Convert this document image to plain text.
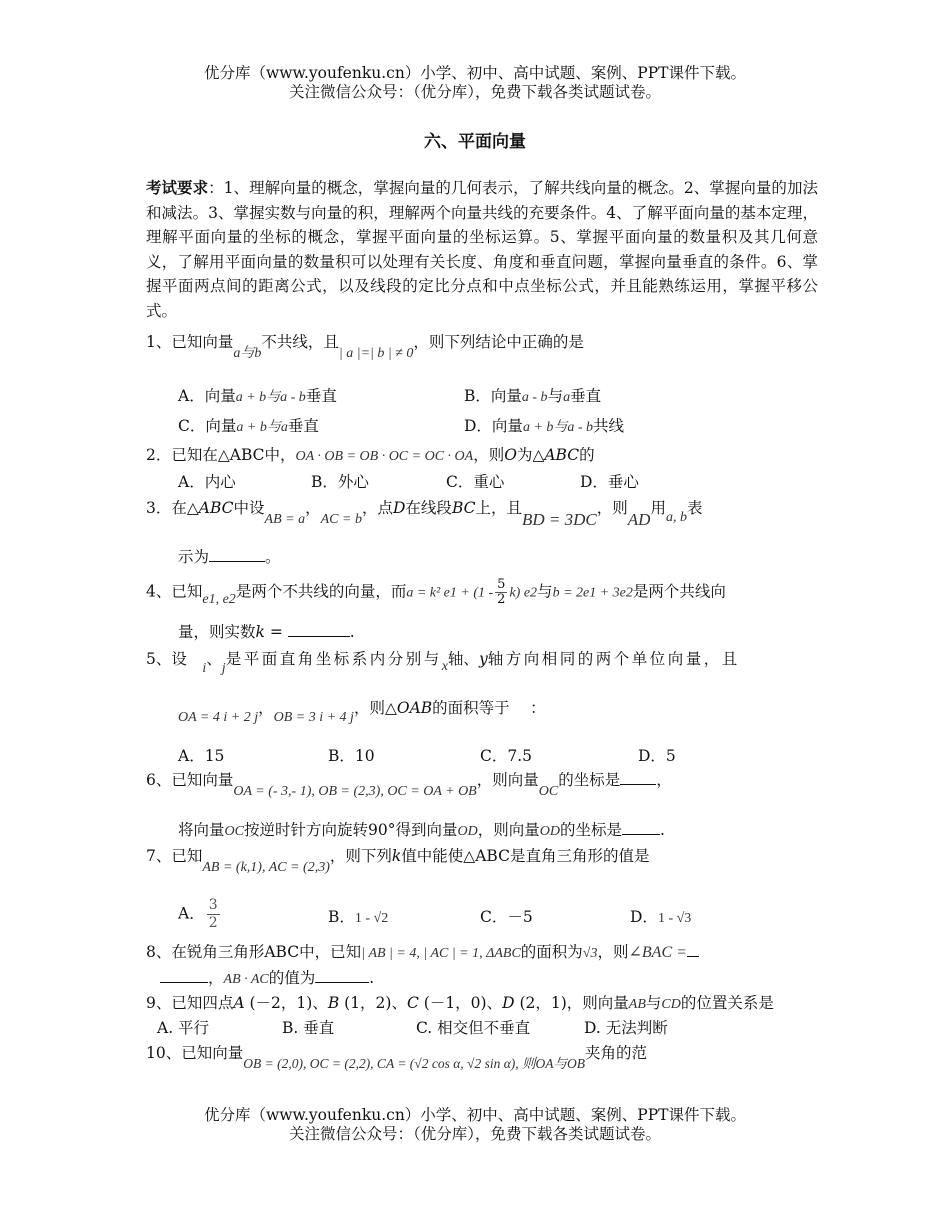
优分库（www.youfenku.cn）小学、初中、高中试题、案例、PPT课件下载。
关注微信公众号：（优分库），免费下载各类试题试卷。
六、平面向量
考试要求：1、理解向量的概念，掌握向量的几何表示，了解共线向量的概念。2、掌握向量的加法和减法。3、掌握实数与向量的积，理解两个向量共线的充要条件。4、了解平面向量的基本定理，理解平面向量的坐标的概念，掌握平面向量的坐标运算。5、掌握平面向量的数量积及其几何意义，了解用平面向量的数量积可以处理有关长度、角度和垂直问题，掌握向量垂直的条件。6、掌握平面两点间的距离公式，以及线段的定比分点和中点坐标公式，并且能熟练运用，掌握平移公式。
1、已知向量a与b不共线，且| a |=| b | ≠ 0，则下列结论中正确的是
A．向量a + b与a - b垂直	B．向量a - b与a垂直
C．向量a + b与a垂直	D．向量a + b与a - b共线
2．已知在△ABC中，OA · OB = OB · OC = OC · OA，则O为△ABC的
A．内心	B．外心	C．重心	D．垂心
3．在△ABC中设AB = a，AC = b，点D在线段BC上，且BD = 3DC，则AD用a, b表
示为	。
4、已知e1, e2是两个不共线的向量，而a = k² $e1 + (1 - \frac{5}{2} k)$ e2与b = 2e1 + 3e2是两个共线向
量，则实数k =	.
5、设　i、j是平面直角坐标系内分别与x轴、y轴方向相同的两个单位向量，且
OA = 4 i + 2 j，OB = 3 i + 4 j，则△OAB的面积等于　 ：
A．15	B．10	C．7.5	D．5
6、已知向量OA = (- 3,- 1), OB = (2,3), OC = OA + OB，则向量OC的坐标是 ，
将向量OC按逆时针方向旋转90°得到向量OD，则向量OD的坐标是 .
7、已知AB = (k,1), AC = (2,3)，则下列k值中能使△ABC是直角三角形的值是
A． $\frac{3}{2}$	B．1 - √2	C．－5	D．1 - √3
8、在锐角三角形ABC中，已知| AB | = 4, | AC | = 1, ΔABC的面积为√3，则∠BAC =
，AB · AC的值为	.
9、已知四点A (－2，1)、B (1，2)、C (－1，0)、D (2，1)，则向量AB与CD的位置关系是
A. 平行	B. 垂直	C. 相交但不垂直	D. 无法判断
10、已知向量OB = (2,0), OC = (2,2), CA = (√2 cos α, √2 sin α), 则OA与OB夹角的范
优分库（www.youfenku.cn）小学、初中、高中试题、案例、PPT课件下载。
关注微信公众号：（优分库），免费下载各类试题试卷。
